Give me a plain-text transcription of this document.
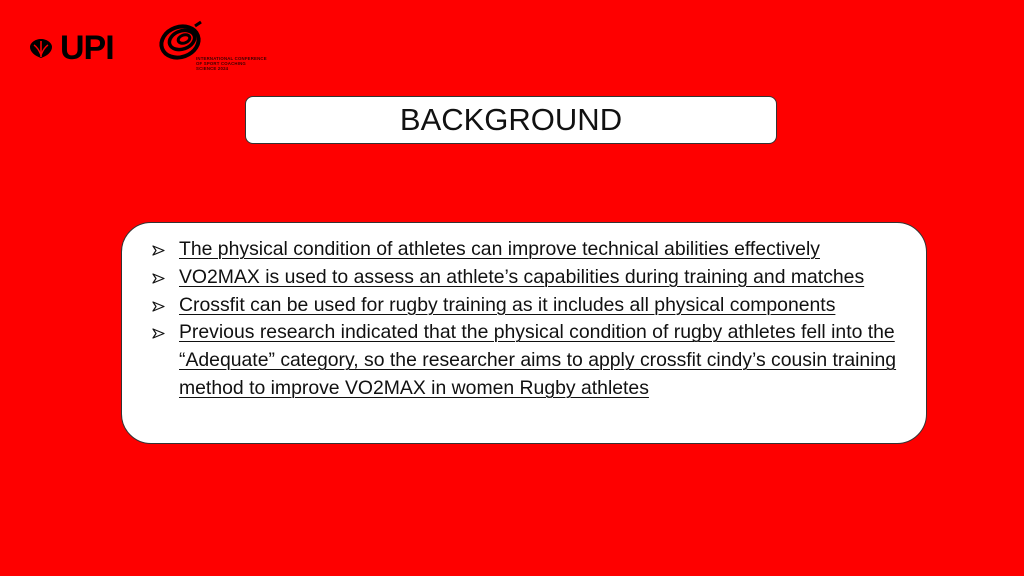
UPI	INTERNATIONAL CONFERENCE
OF SPORT COACHING
SCIENCE 2024
BACKGROUND
The physical condition of athletes can improve technical abilities effectively
VO2MAX is used to assess an athlete’s capabilities during training and matches
Crossfit can be used for rugby training as it includes all physical components
Previous research indicated that the physical condition of rugby athletes fell into the “Adequate” category, so the researcher aims to apply crossfit cindy’s cousin training method to improve VO2MAX in women Rugby athletes
